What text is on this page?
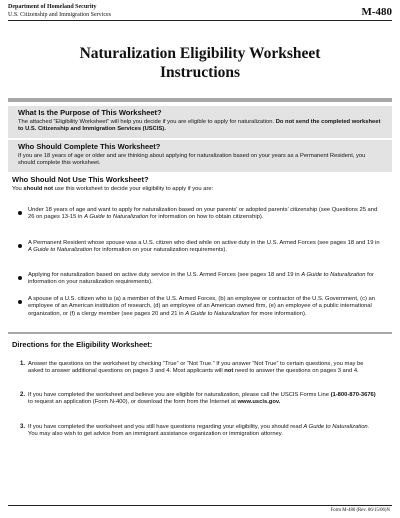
Department of Homeland Security
U.S. Citizenship and Immigration Services	M-480
Naturalization Eligibility Worksheet
Instructions
What Is the Purpose of This Worksheet?

The attached “Eligibility Worksheet” will help you decide if you are eligible to apply for naturalization. Do not send the completed worksheet to U.S. Citizenship and Immigration Services (USCIS).

Who Should Complete This Worksheet?

If you are 18 years of age or older and are thinking about applying for naturalization based on your years as a Permanent Resident, you should complete this worksheet.

Who Should Not Use This Worksheet?

You should not use this worksheet to decide your eligibility to apply if you are:

Under 18 years of age and want to apply for naturalization based on your parents’ or adopted parents’ citizenship (see Questions 25 and 26 on pages 13-15 in A Guide to Naturalization for information on how to obtain citizenship).
A Permanent Resident whose spouse was a U.S. citizen who died while on active duty in the U.S. Armed Forces (see pages 18 and 19 in A Guide to Naturalization for information on your naturalization requirements).
Applying for naturalization based on active duty service in the U.S. Armed Forces (see pages 18 and 19 in A Guide to Naturalization for information on your naturalization requirements).
A spouse of a U.S. citizen who is (a) a member of the U.S. Armed Forces, (b) an employee or contractor of the U.S. Government, (c) an employee of an American institution of research, (d) an employee of an American owned firm, (e) an employee of a public international organization, or (f) a clergy member (see pages 20 and 21 in A Guide to Naturalization for more information).
Directions for the Eligibility Worksheet:
1. Answer the questions on the worksheet by checking “True” or “Not True.” If you answer “Not True” to certain questions, you may be asked to answer additional questions on pages 3 and 4. Most applicants will not need to answer the questions on pages 3 and 4.
2. If you have completed the worksheet and believe you are eligible for naturalization, please call the USCIS Forms Line (1-800-870-3676) to request an application (Form N-400), or download the form from the Internet at www.uscis.gov.
3. If you have completed the worksheet and you still have questions regarding your eligibility, you should read A Guide to Naturalization. You may also wish to get advice from an immigrant assistance organization or immigration attorney.
Form M-480 (Rev. 06/15/06)N
